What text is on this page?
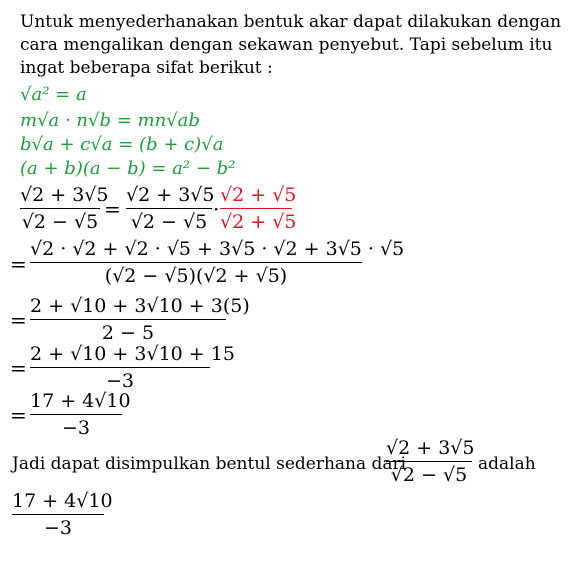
Untuk menyederhanakan bentuk akar dapat dilakukan dengan
cara mengalikan dengan sekawan penyebut. Tapi sebelum itu
ingat beberapa sifat berikut :
√a² = a
m√a · n√b = mn√ab
b√a + c√a = (b + c)√a
(a + b)(a − b) = a² − b²
√2 + 3√5
√2 − √5
=
√2 + 3√5
√2 − √5
·
√2 + √5
√2 + √5
=
√2 · √2 + √2 · √5 + 3√5 · √2 + 3√5 · √5
(√2 − √5)(√2 + √5)
=
2 + √10 + 3√10 + 3(5)
2 − 5
=
2 + √10 + 3√10 + 15
−3
=
17 + 4√10
−3
Jadi dapat disimpulkan bentul sederhana dari
√2 + 3√5
√2 − √5 adalah
17 + 4√10
−3
